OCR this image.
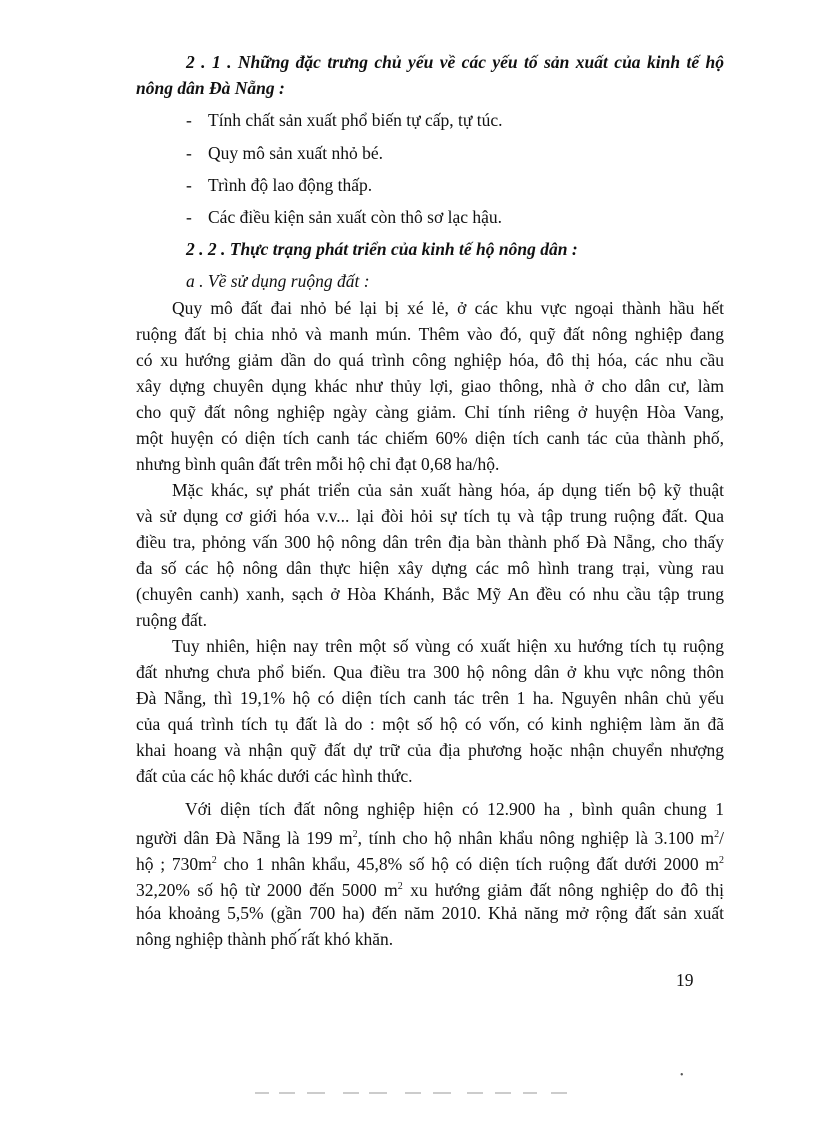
2 . 1 . Những đặc trưng chủ yếu về các yếu tố sản xuất của kinh tế hộ
nông dân Đà Nẵng :
- Tính chất sản xuất phổ biến tự cấp, tự túc.
- Quy mô sản xuất nhỏ bé.
- Trình độ lao động thấp.
- Các điều kiện sản xuất còn thô sơ lạc hậu.
2 . 2 . Thực trạng phát triển của kinh tế hộ nông dân :
a . Về sử dụng ruộng đất :
Quy mô đất đai nhỏ bé lại bị xé lẻ, ở các khu vực ngoại thành hầu hết
ruộng đất bị chia nhỏ và manh mún. Thêm vào đó, quỹ đất nông nghiệp đang
có xu hướng giảm dần do quá trình công nghiệp hóa, đô thị hóa, các nhu cầu
xây dựng chuyên dụng khác như thủy lợi, giao thông, nhà ở cho dân cư, làm
cho quỹ đất nông nghiệp ngày càng giảm. Chỉ tính riêng ở huyện Hòa Vang,
một huyện có diện tích canh tác chiếm 60% diện tích canh tác của thành phố,
nhưng bình quân đất trên mỗi hộ chỉ đạt 0,68 ha/hộ.
Mặc khác, sự phát triển của sản xuất hàng hóa, áp dụng tiến bộ kỹ thuật
và sử dụng cơ giới hóa v.v... lại đòi hỏi sự tích tụ và tập trung ruộng đất. Qua
điều tra, phỏng vấn 300 hộ nông dân trên địa bàn thành phố Đà Nẵng, cho thấy
đa số các hộ nông dân thực hiện xây dựng các mô hình trang trại, vùng rau
(chuyên canh) xanh, sạch ở Hòa Khánh, Bắc Mỹ An đều có nhu cầu tập trung
ruộng đất.
Tuy nhiên, hiện nay trên một số vùng có xuất hiện xu hướng tích tụ ruộng
đất nhưng chưa phổ biến. Qua điều tra 300 hộ nông dân ở khu vực nông thôn
Đà Nẵng, thì 19,1% hộ có diện tích canh tác trên 1 ha. Nguyên nhân chủ yếu
của quá trình tích tụ đất là do : một số hộ có vốn, có kinh nghiệm làm ăn đã
khai hoang và nhận quỹ đất dự trữ của địa phương hoặc nhận chuyển nhượng
đất của các hộ khác dưới các hình thức.
Với diện tích đất nông nghiệp hiện có 12.900 ha , bình quân chung 1
người dân Đà Nẵng là 199 $m^2$, tính cho hộ nhân khẩu nông nghiệp là 3.100 $m^2/$
hộ ; $730m^2$ cho 1 nhân khẩu, 45,8% số hộ có diện tích ruộng đất dưới 2000 $m^2$
32,20% số hộ từ 2000 đến 5000 $m^2$ xu hướng giảm đất nông nghiệp do đô thị
hóa khoảng 5,5% (gần 700 ha) đến năm 2010. Khả năng mở rộng đất sản xuất
nông nghiệp thành phố ́rất khó khăn.
19
•
